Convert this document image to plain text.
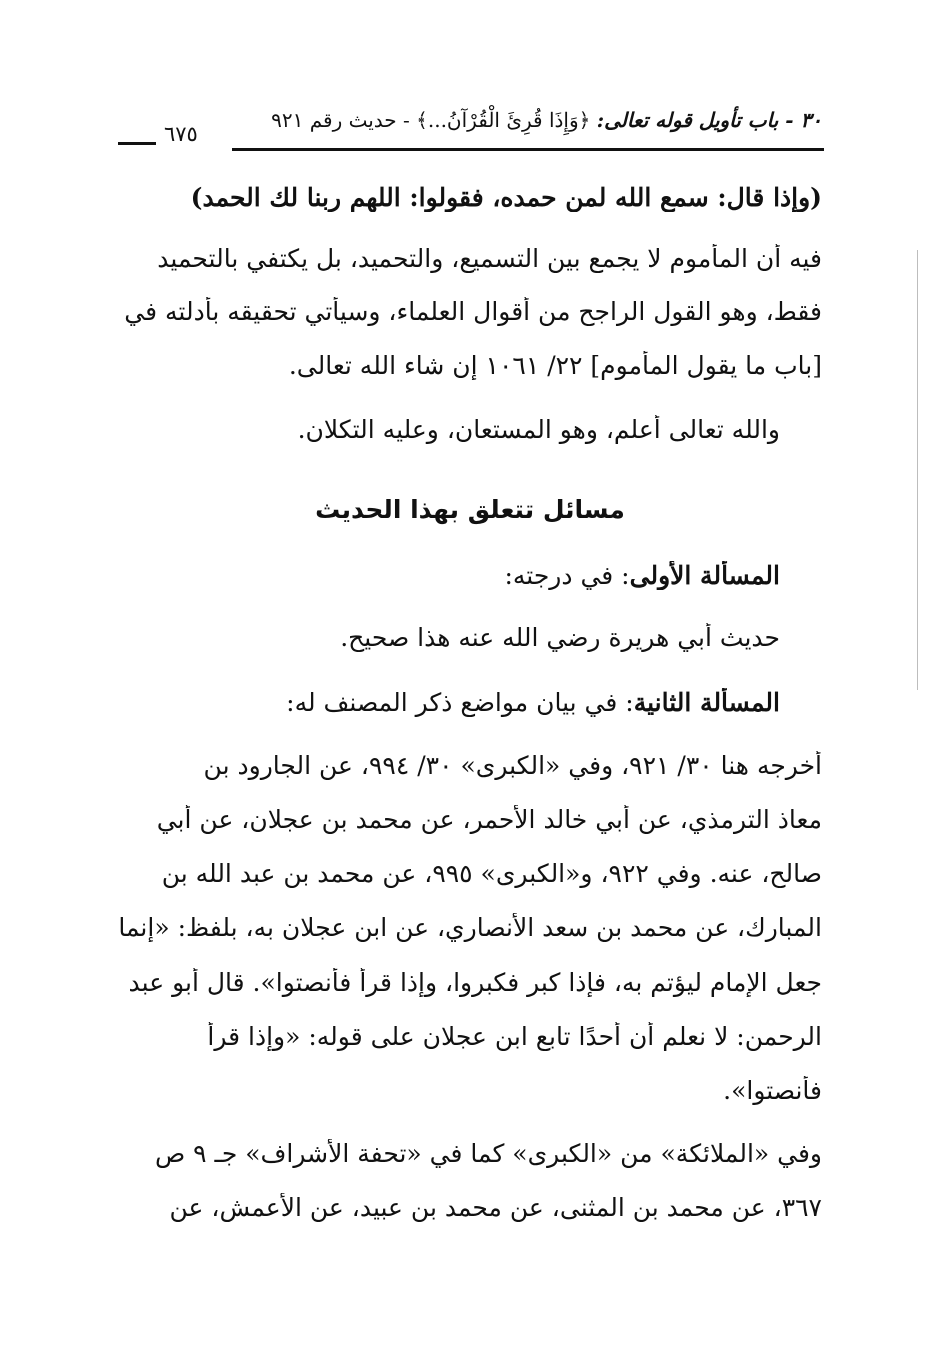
٣٠ - باب تأويل قوله تعالى: ﴿وَإِذَا قُرِئَ الْقُرْآنُ...﴾ - حديث رقم ٩٢١
٦٧٥
(وإذا قال: سمع الله لمن حمده، فقولوا: اللهم ربنا لك الحمد)
فيه أن المأموم لا يجمع بين التسميع، والتحميد، بل يكتفي بالتحميد
فقط، وهو القول الراجح من أقوال العلماء، وسيأتي تحقيقه بأدلته في
[باب ما يقول المأموم] ٢٢/ ١٠٦١ إن شاء الله تعالى.
والله تعالى أعلم، وهو المستعان، وعليه التكلان.
مسائل تتعلق بهذا الحديث
المسألة الأولى: في درجته:
حديث أبي هريرة رضي الله عنه هذا صحيح.
المسألة الثانية: في بيان مواضع ذكر المصنف له:
أخرجه هنا ٣٠/ ٩٢١، وفي «الكبرى» ٣٠/ ٩٩٤، عن الجارود بن
معاذ الترمذي، عن أبي خالد الأحمر، عن محمد بن عجلان، عن أبي
صالح، عنه. وفي ٩٢٢، و«الكبرى» ٩٩٥، عن محمد بن عبد الله بن
المبارك، عن محمد بن سعد الأنصاري، عن ابن عجلان به، بلفظ: «إنما
جعل الإمام ليؤتم به، فإذا كبر فكبروا، وإذا قرأ فأنصتوا». قال أبو عبد
الرحمن: لا نعلم أن أحدًا تابع ابن عجلان على قوله: «وإذا قرأ
فأنصتوا».
وفي «الملائكة» من «الكبرى» كما في «تحفة الأشراف» جـ ٩ ص
٣٦٧، عن محمد بن المثنى، عن محمد بن عبيد، عن الأعمش، عن
